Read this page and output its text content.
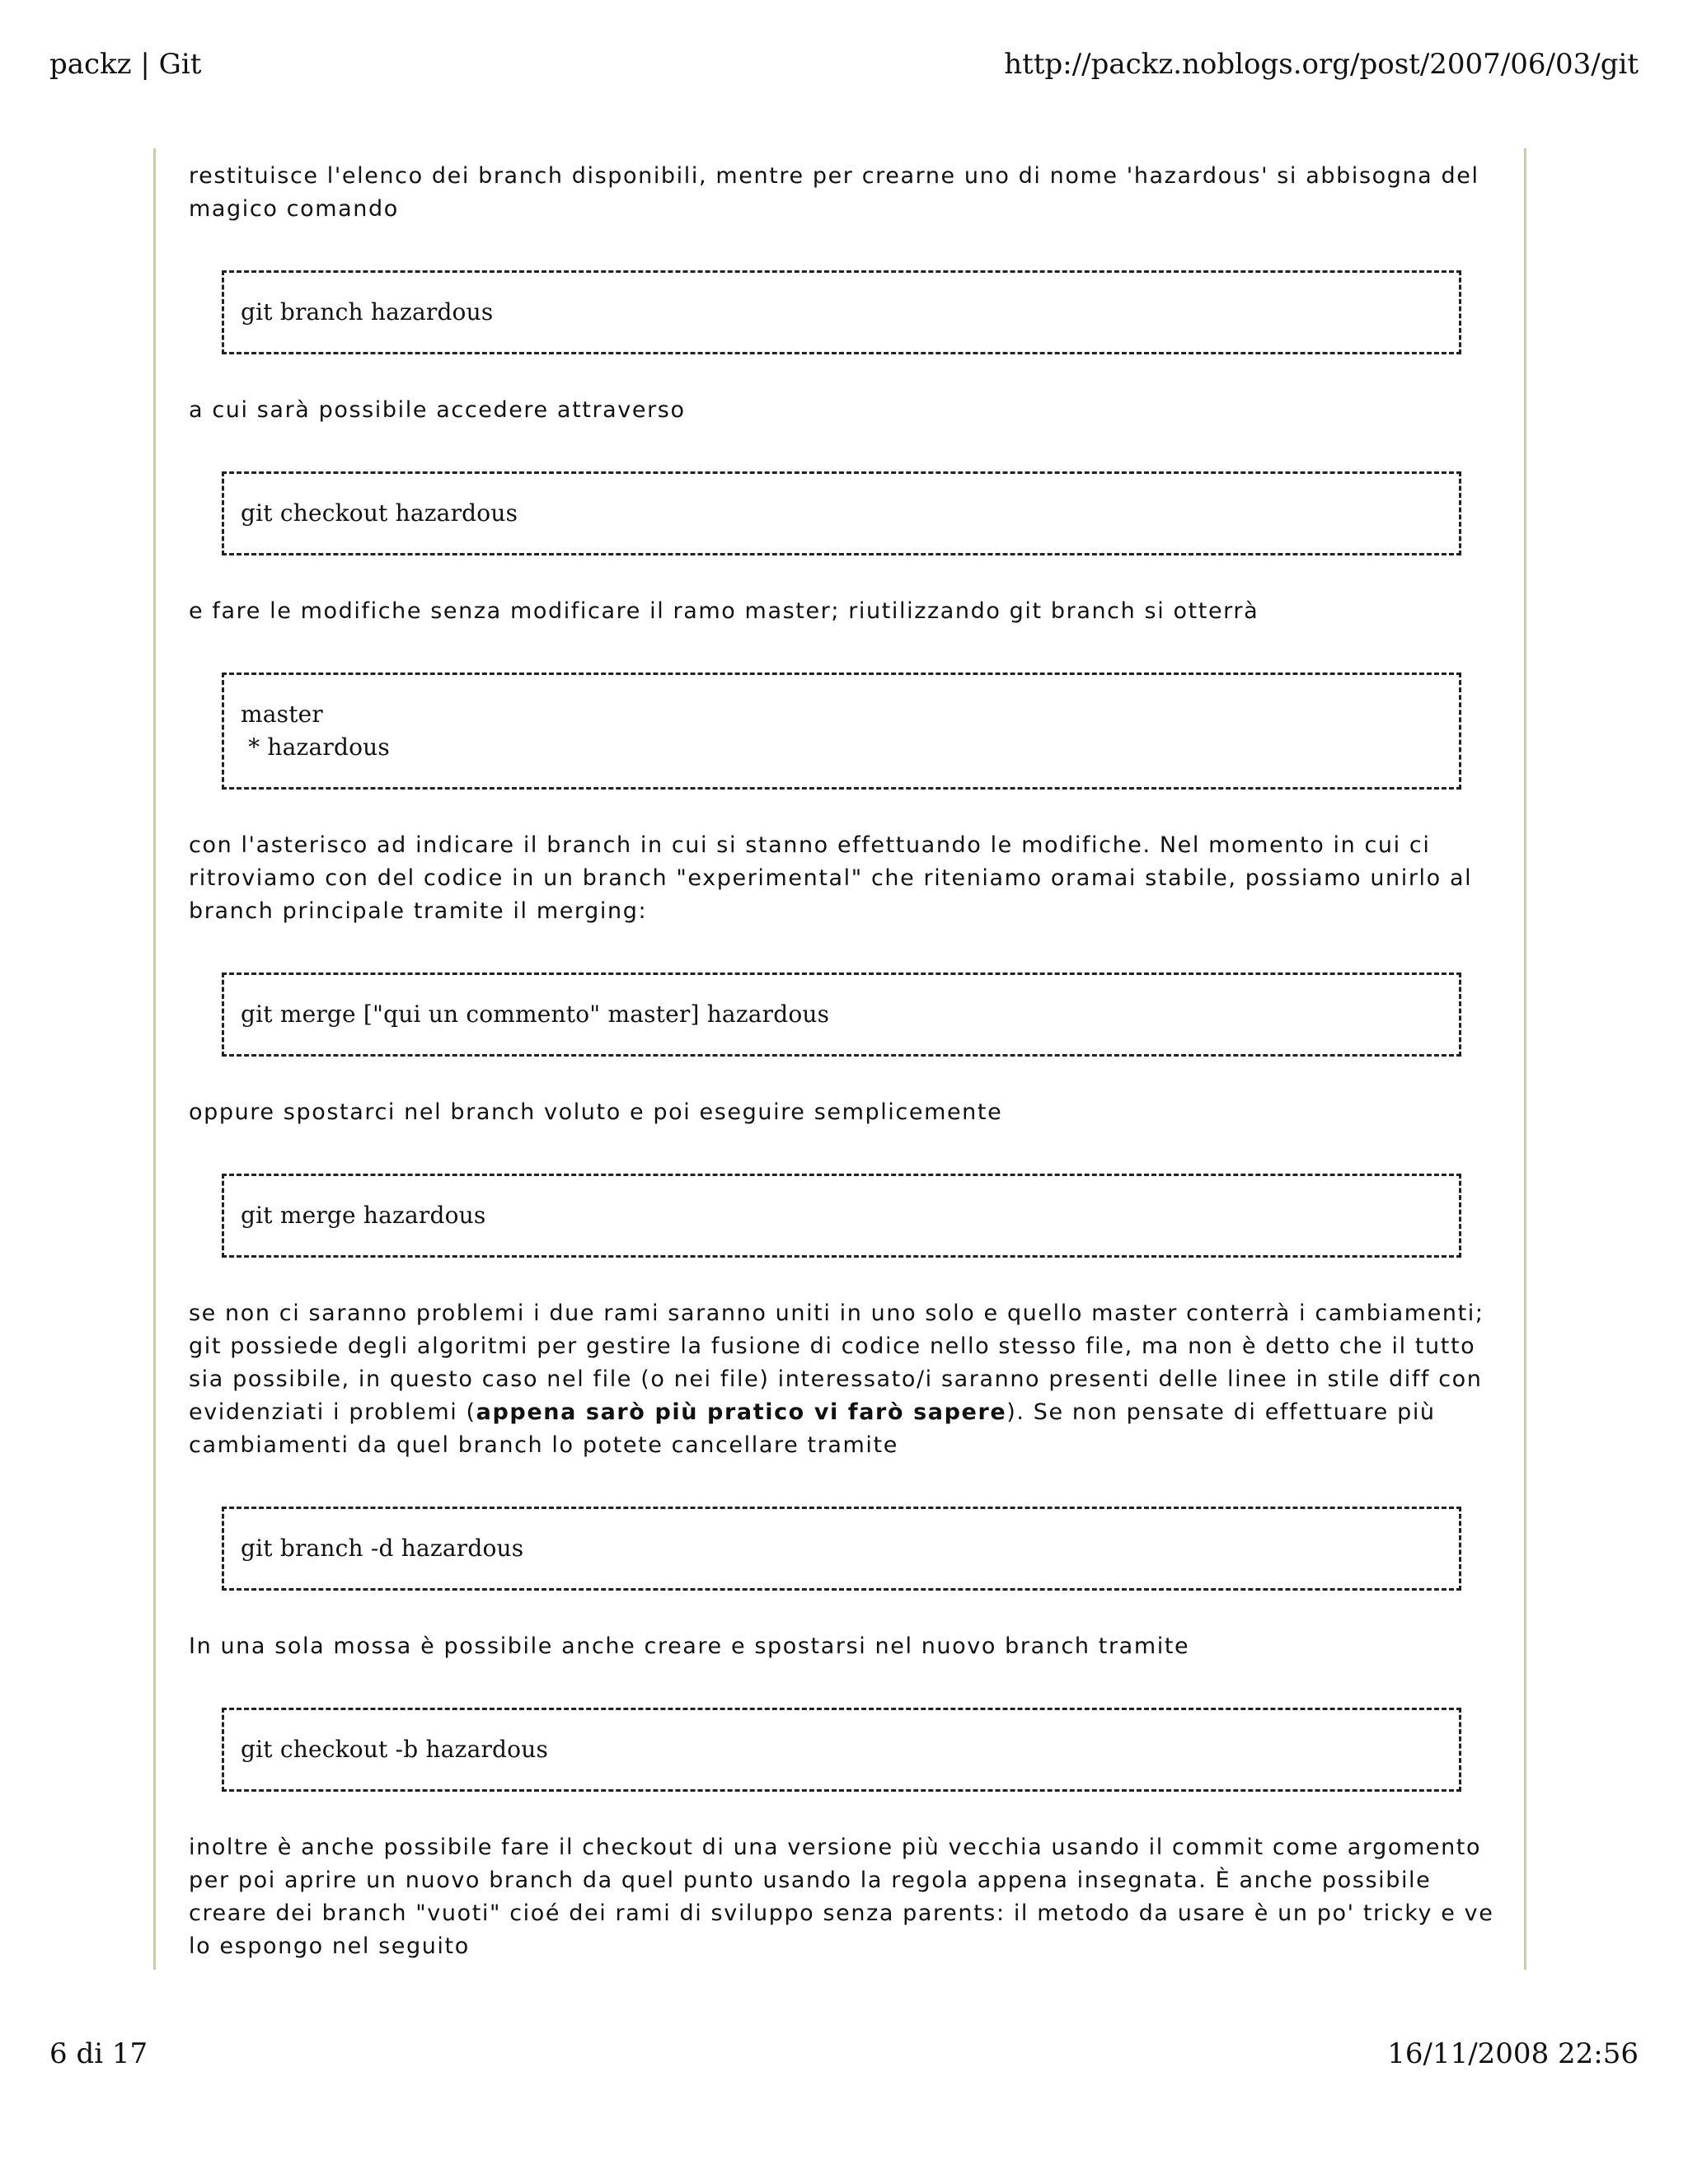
packz | Git	http://packz.noblogs.org/post/2007/06/03/git

restituisce l'elenco dei branch disponibili, mentre per crearne uno di nome 'hazardous' si abbisogna del magico comando

git branch hazardous

a cui sarà possibile accedere attraverso

git checkout hazardous

e fare le modifiche senza modificare il ramo master; riutilizzando git branch si otterrà

master
* hazardous

con l'asterisco ad indicare il branch in cui si stanno effettuando le modifiche. Nel momento in cui ci ritroviamo con del codice in un branch "experimental" che riteniamo oramai stabile, possiamo unirlo al branch principale tramite il merging:

git merge ["qui un commento" master] hazardous

oppure spostarci nel branch voluto e poi eseguire semplicemente

git merge hazardous

se non ci saranno problemi i due rami saranno uniti in uno solo e quello master conterrà i cambiamenti; git possiede degli algoritmi per gestire la fusione di codice nello stesso file, ma non è detto che il tutto sia possibile, in questo caso nel file (o nei file) interessato/i saranno presenti delle linee in stile diff con evidenziati i problemi (appena sarò più pratico vi farò sapere). Se non pensate di effettuare più cambiamenti da quel branch lo potete cancellare tramite

git branch -d hazardous

In una sola mossa è possibile anche creare e spostarsi nel nuovo branch tramite

git checkout -b hazardous

inoltre è anche possibile fare il checkout di una versione più vecchia usando il commit come argomento per poi aprire un nuovo branch da quel punto usando la regola appena insegnata. È anche possibile creare dei branch "vuoti" cioé dei rami di sviluppo senza parents: il metodo da usare è un po' tricky e ve lo espongo nel seguito

6 di 17	16/11/2008 22:56
